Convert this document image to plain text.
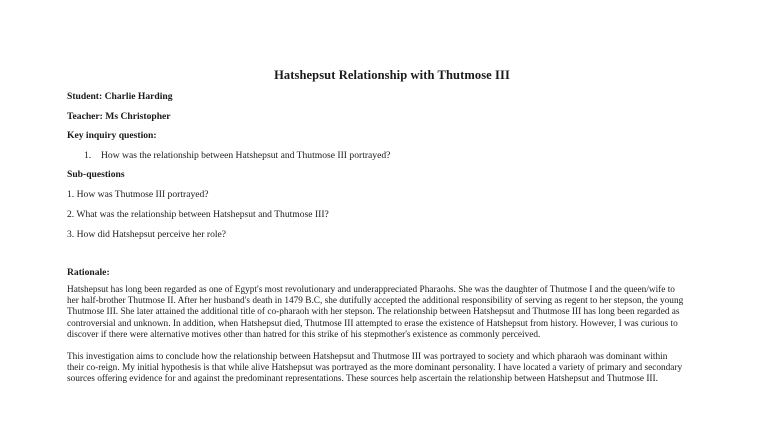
Hatshepsut Relationship with Thutmose III
Student: Charlie Harding
Teacher: Ms Christopher
Key inquiry question:
1. How was the relationship between Hatshepsut and Thutmose III portrayed?
Sub-questions
1. How was Thutmose III portrayed?
2. What was the relationship between Hatshepsut and Thutmose III?
3. How did Hatshepsut perceive her role?
Rationale:
Hatshepsut has long been regarded as one of Egypt's most revolutionary and underappreciated Pharaohs. She was the daughter of Thutmose I and the queen/wife to
her half-brother Thutmose II. After her husband's death in 1479 B.C, she dutifully accepted the additional responsibility of serving as regent to her stepson, the young
Thutmose III. She later attained the additional title of co-pharaoh with her stepson. The relationship between Hatshepsut and Thutmose III has long been regarded as
controversial and unknown. In addition, when Hatshepsut died, Thutmose III attempted to erase the existence of Hatshepsut from history. However, I was curious to
discover if there were alternative motives other than hatred for this strike of his stepmother's existence as commonly perceived.
This investigation aims to conclude how the relationship between Hatshepsut and Thutmose III was portrayed to society and which pharaoh was dominant within
their co-reign. My initial hypothesis is that while alive Hatshepsut was portrayed as the more dominant personality. I have located a variety of primary and secondary
sources offering evidence for and against the predominant representations. These sources help ascertain the relationship between Hatshepsut and Thutmose III.
